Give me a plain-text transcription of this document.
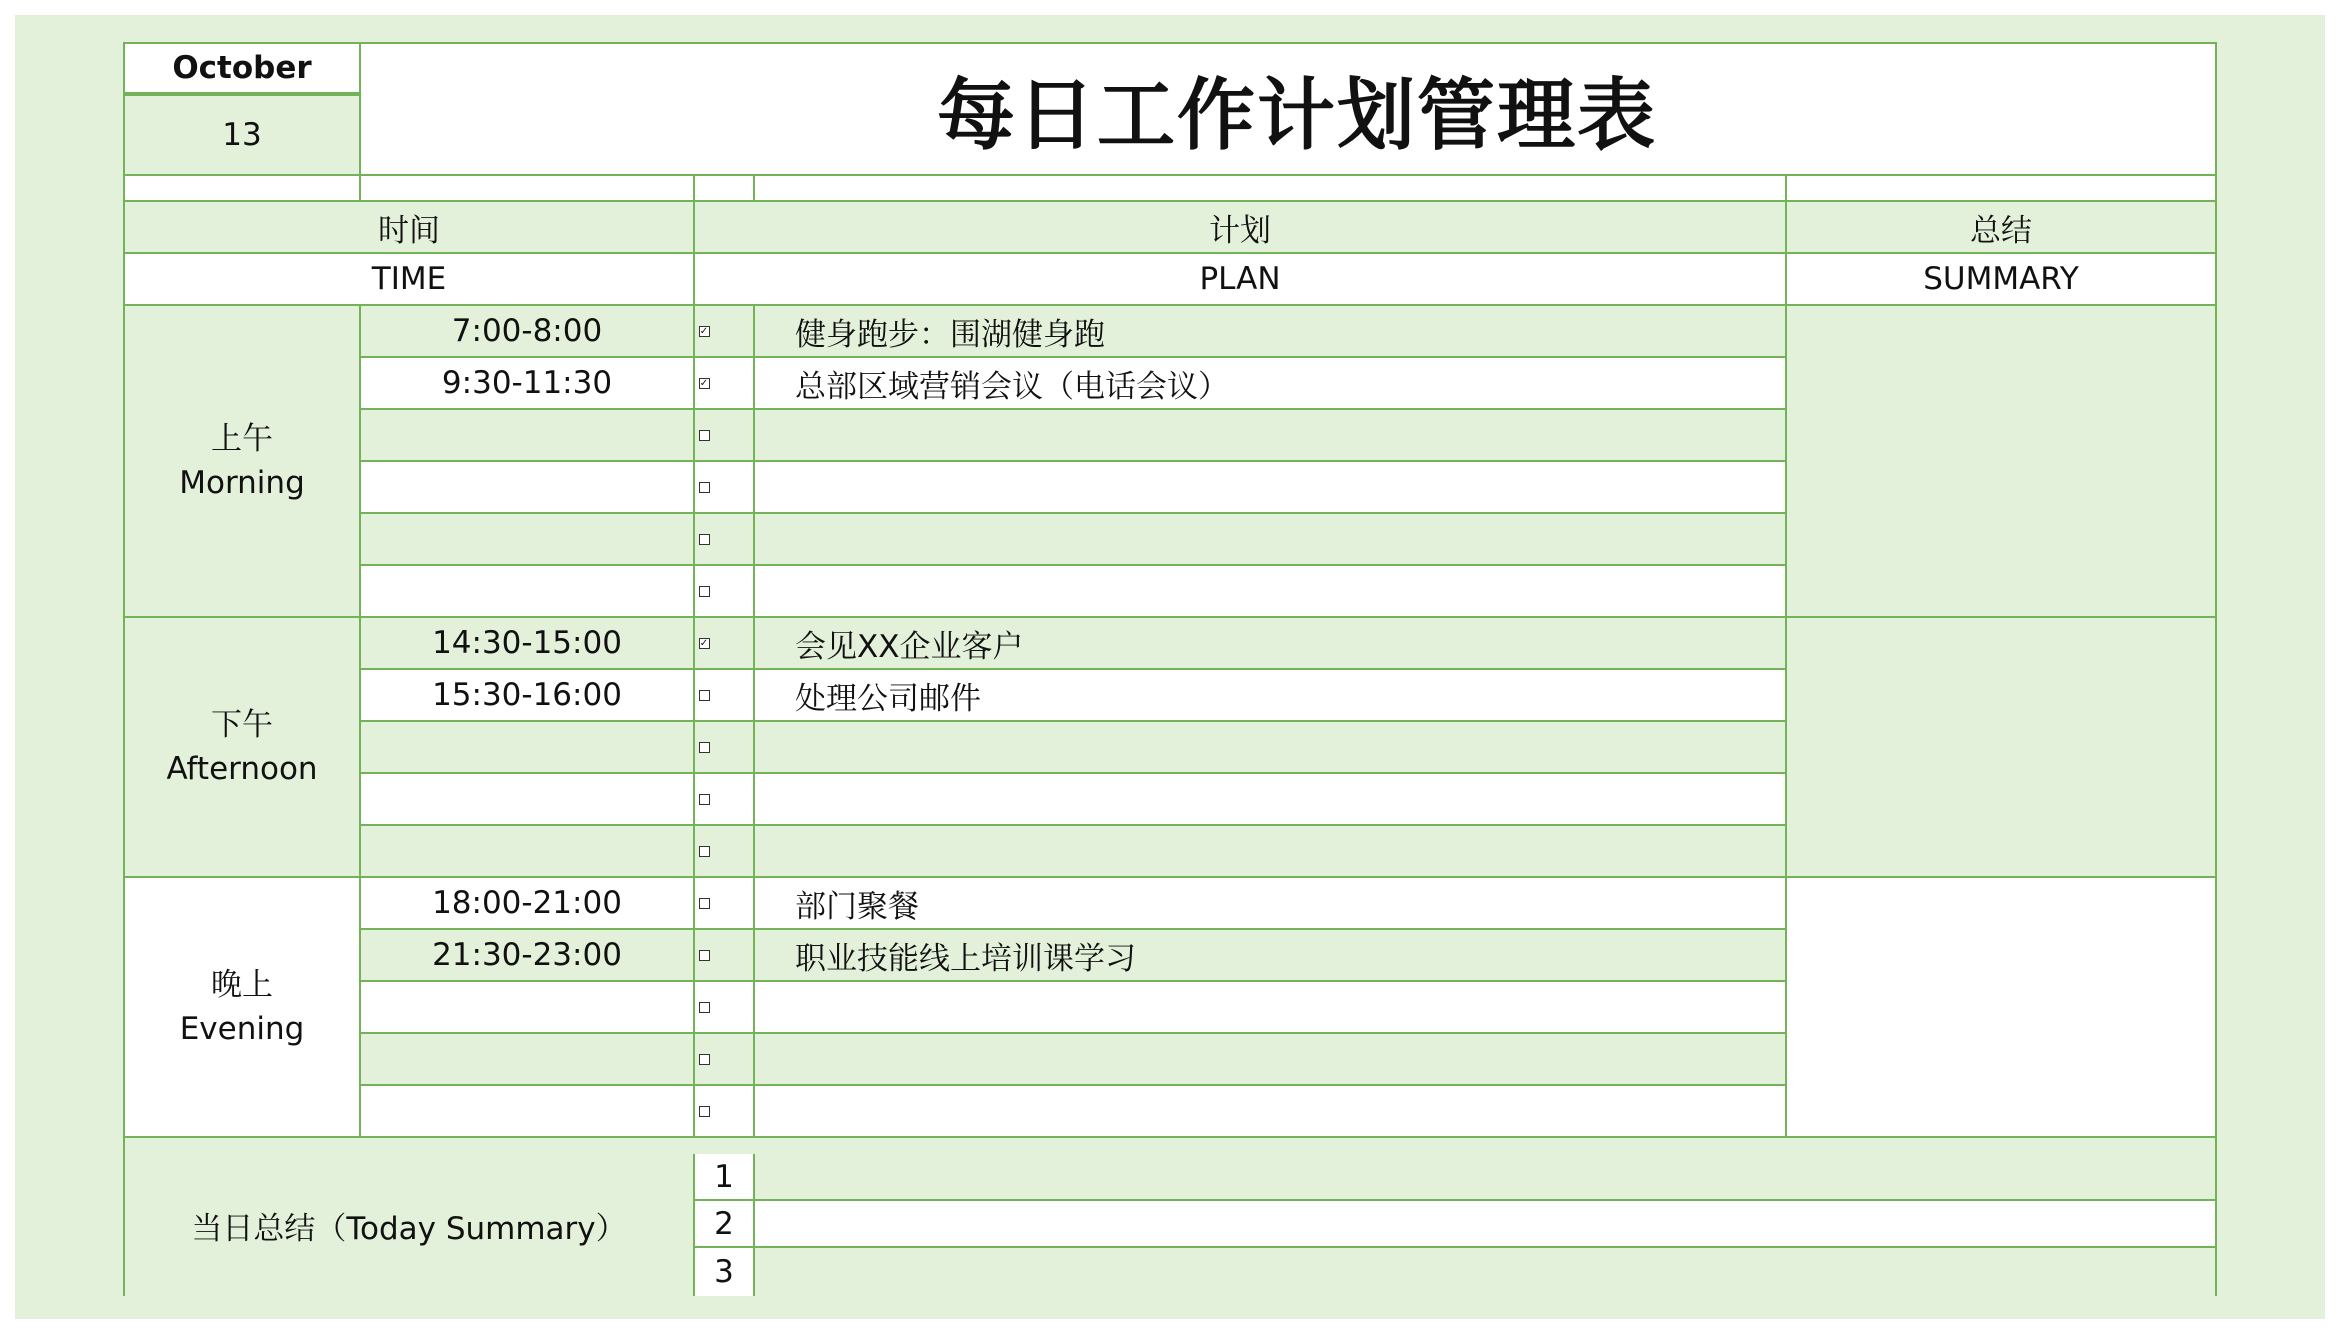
October
13	每日工作计划管理表
时间	计划	总结
TIME	PLAN	SUMMARY
上午
Morning
7:00-8:00 ✓	健身跑步：围湖健身跑
9:30-11:30 ✓	总部区域营销会议（电话会议）
下午
Afternoon
14:30-15:00 ✓	会见XX企业客户
15:30-16:00	处理公司邮件
晚上
Evening
18:00-21:00	部门聚餐
21:30-23:00	职业技能线上培训课学习
当日总结（Today Summary）
1
2
3
